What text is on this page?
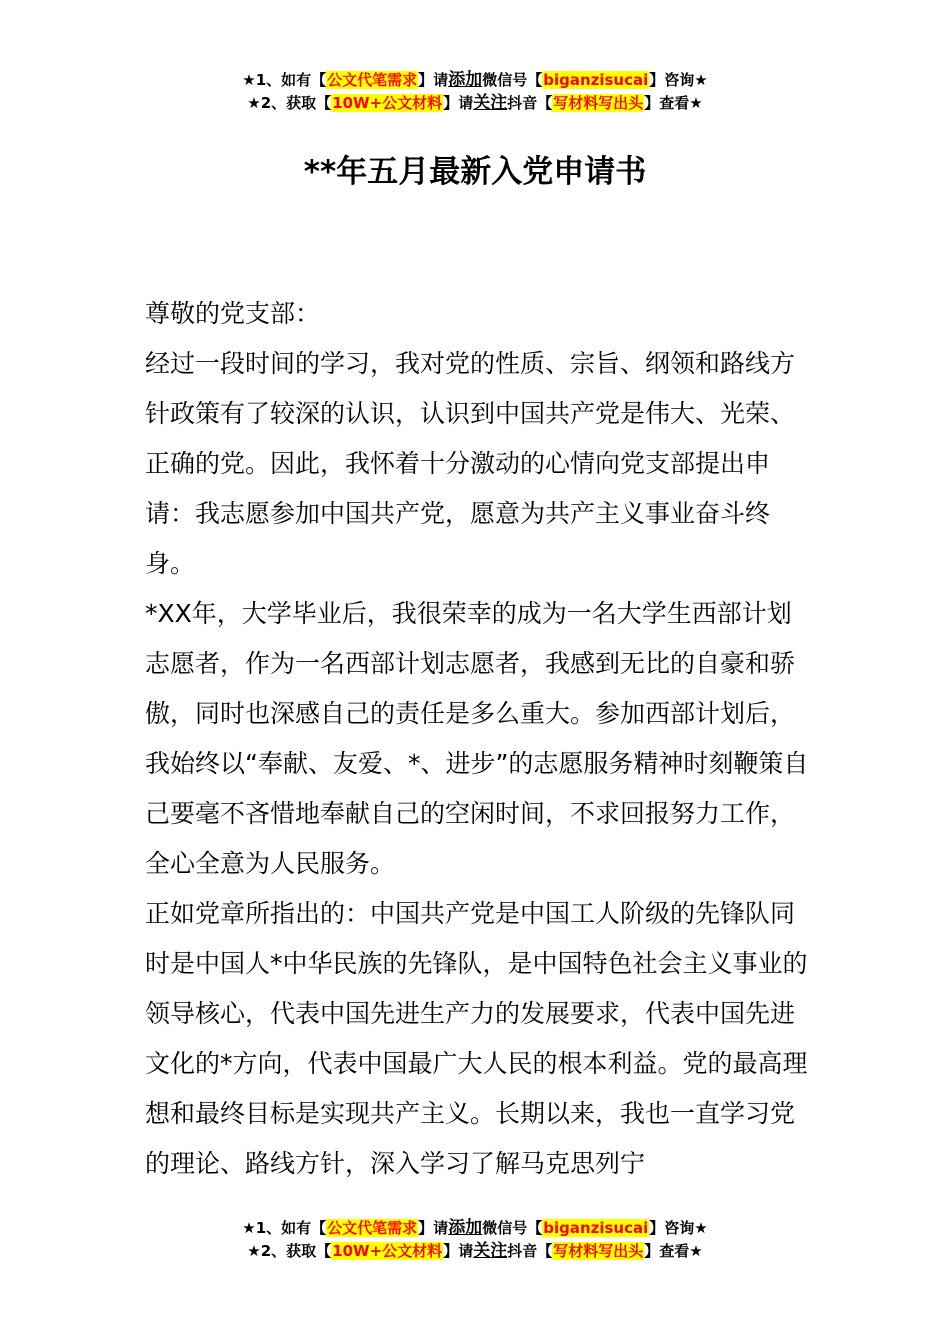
★1、如有【公文代笔需求】请添加微信号【biganzisucai】咨询★
★2、获取【10W+公文材料】请关注抖音【写材料写出头】查看★
**年五月最新入党申请书

尊敬的党支部：

经过一段时间的学习，我对党的性质、宗旨、纲领和路线方针政策有了较深的认识，认识到中国共产党是伟大、光荣、正确的党。因此，我怀着十分激动的心情向党支部提出申请：我志愿参加中国共产党，愿意为共产主义事业奋斗终身。

*XX年，大学毕业后，我很荣幸的成为一名大学生西部计划志愿者，作为一名西部计划志愿者，我感到无比的自豪和骄傲，同时也深感自己的责任是多么重大。参加西部计划后，我始终以“奉献、友爱、*、进步”的志愿服务精神时刻鞭策自己要毫不吝惜地奉献自己的空闲时间，不求回报努力工作，全心全意为人民服务。

正如党章所指出的：中国共产党是中国工人阶级的先锋队同时是中国人*中华民族的先锋队，是中国特色社会主义事业的领导核心，代表中国先进生产力的发展要求，代表中国先进文化的*方向，代表中国最广大人民的根本利益。党的最高理想和最终目标是实现共产主义。长期以来，我也一直学习党的理论、路线方针，深入学习了解马克思列宁

★1、如有【公文代笔需求】请添加微信号【biganzisucai】咨询★
★2、获取【10W+公文材料】请关注抖音【写材料写出头】查看★
